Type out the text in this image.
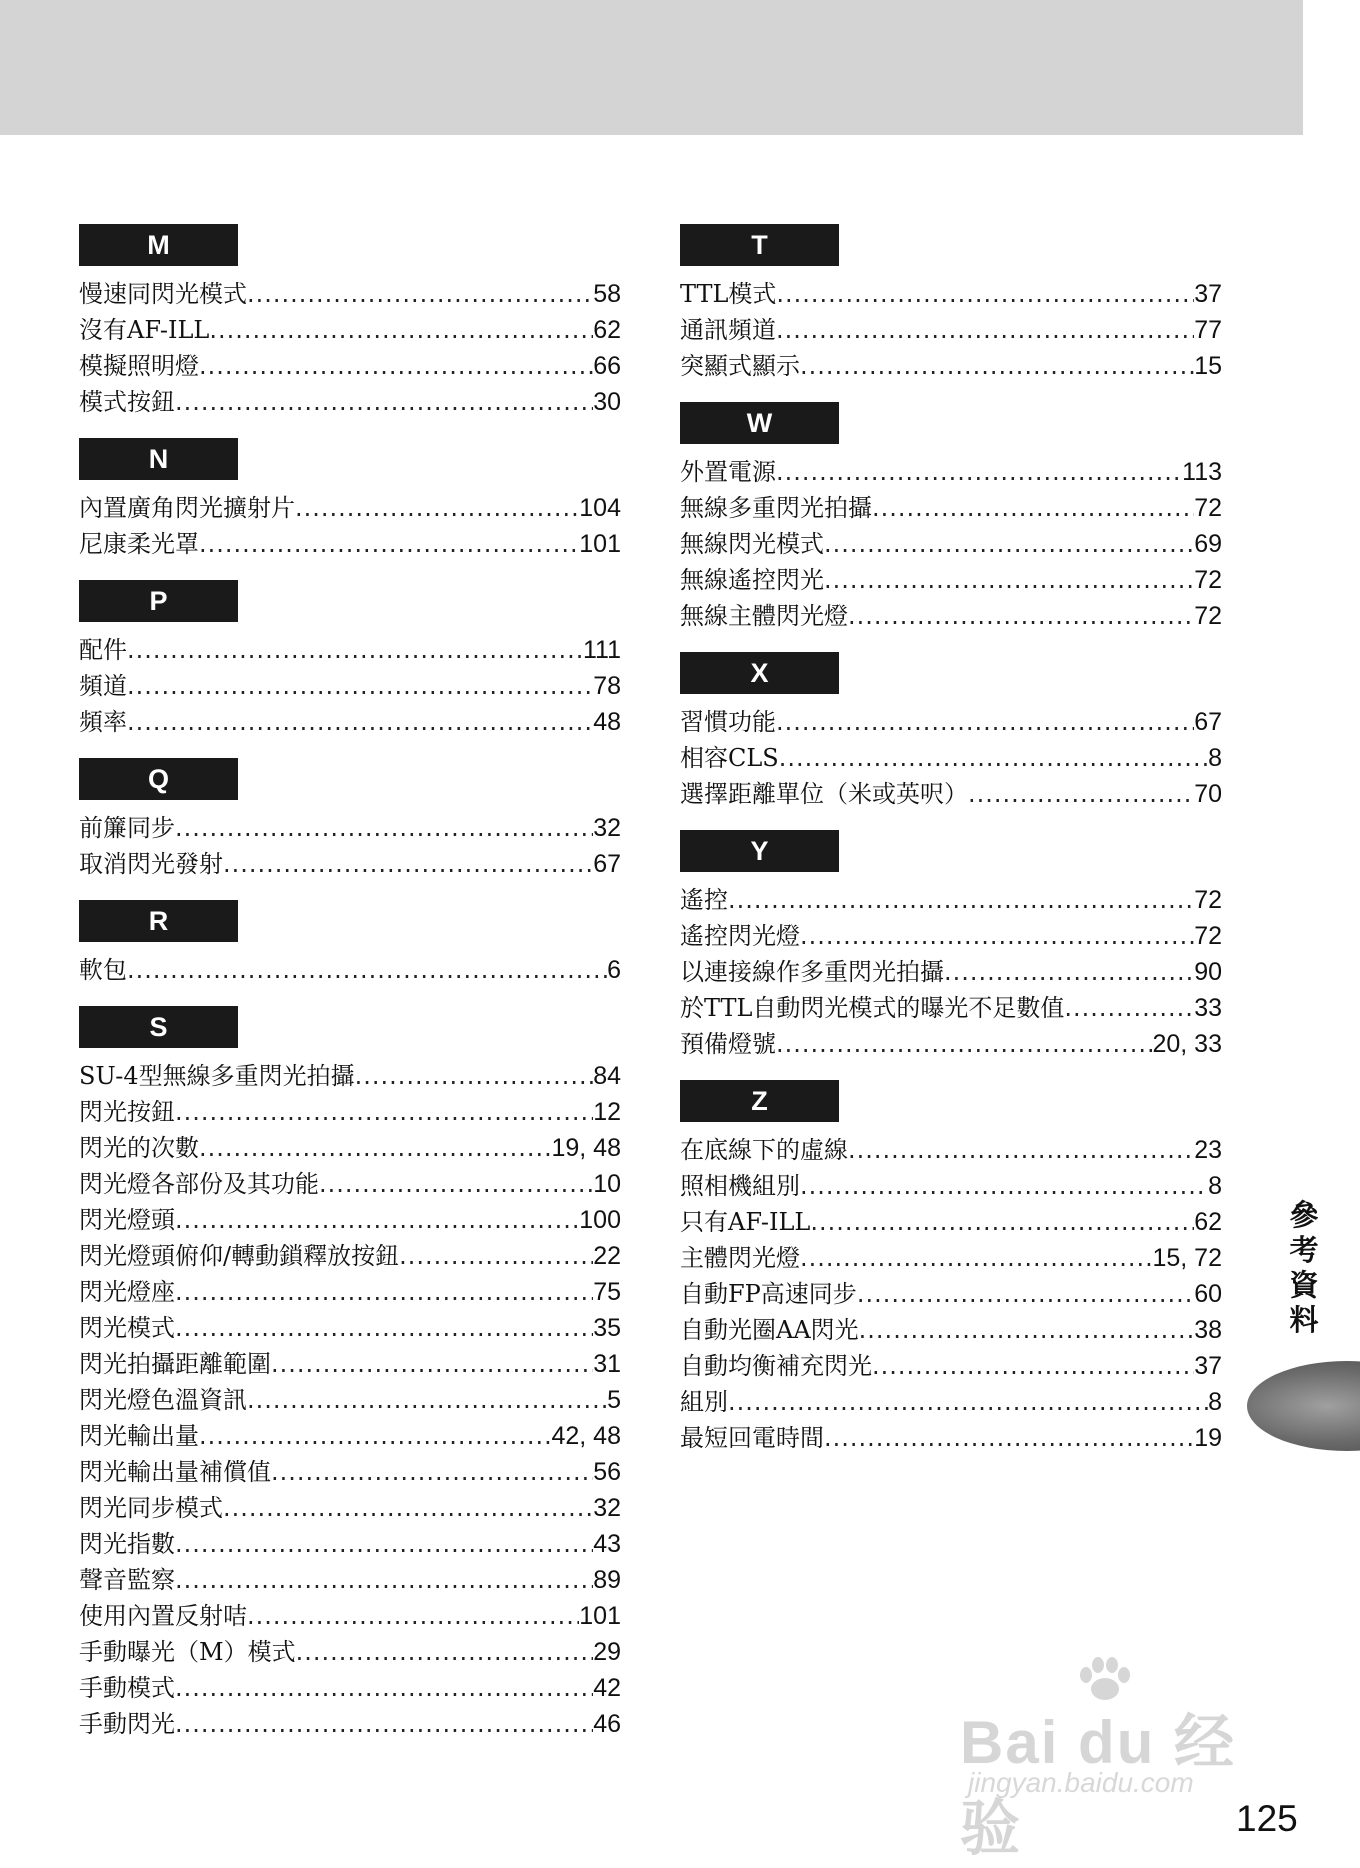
M
慢速同閃光模式 .....	58
沒有AF-ILL .....	62
模擬照明燈 .....	66
模式按鈕 .....	30
N
內置廣角閃光擴射片 .....	104
尼康柔光罩 .....	101
P
配件 .....	111
頻道 .....	78
頻率 .....	48
Q
前簾同步 .....	32
取消閃光發射 .....	67
R
軟包 .....	6
S
SU-4型無線多重閃光拍攝 .....	84
閃光按鈕 .....	12
閃光的次數 .....	19, 48
閃光燈各部份及其功能 .....	10
閃光燈頭 .....	100
閃光燈頭俯仰/轉動鎖釋放按鈕 .....	22
閃光燈座 .....	75
閃光模式 .....	35
閃光拍攝距離範圍 .....	31
閃光燈色溫資訊 .....	5
閃光輸出量 .....	42, 48
閃光輸出量補償值 .....	56
閃光同步模式 .....	32
閃光指數 .....	43
聲音監察 .....	89
使用內置反射咭 .....	101
手動曝光（M）模式 .....	29
手動模式 .....	42
手動閃光 .....	46
T
TTL模式 .....	37
通訊頻道 .....	77
突顯式顯示 .....	15
W
外置電源 .....	113
無線多重閃光拍攝 .....	72
無線閃光模式 .....	69
無線遙控閃光 .....	72
無線主體閃光燈 .....	72
X
習慣功能 .....	67
相容CLS .....	8
選擇距離單位（米或英呎） .....	70
Y
遙控 .....	72
遙控閃光燈 .....	72
以連接線作多重閃光拍攝 .....	90
於TTL自動閃光模式的曝光不足數值 .....	33
預備燈號 .....	20, 33
Z
在底線下的虛線 .....	23
照相機組別 .....	8
只有AF-ILL .....	62
主體閃光燈 .....	15, 72
自動FP高速同步 .....	60
自動光圈AA閃光 .....	38
自動均衡補充閃光 .....	37
組別 .....	8
最短回電時間 .....	19
參
考
資
料
Bai du 经验
jingyan.baidu.com
125
